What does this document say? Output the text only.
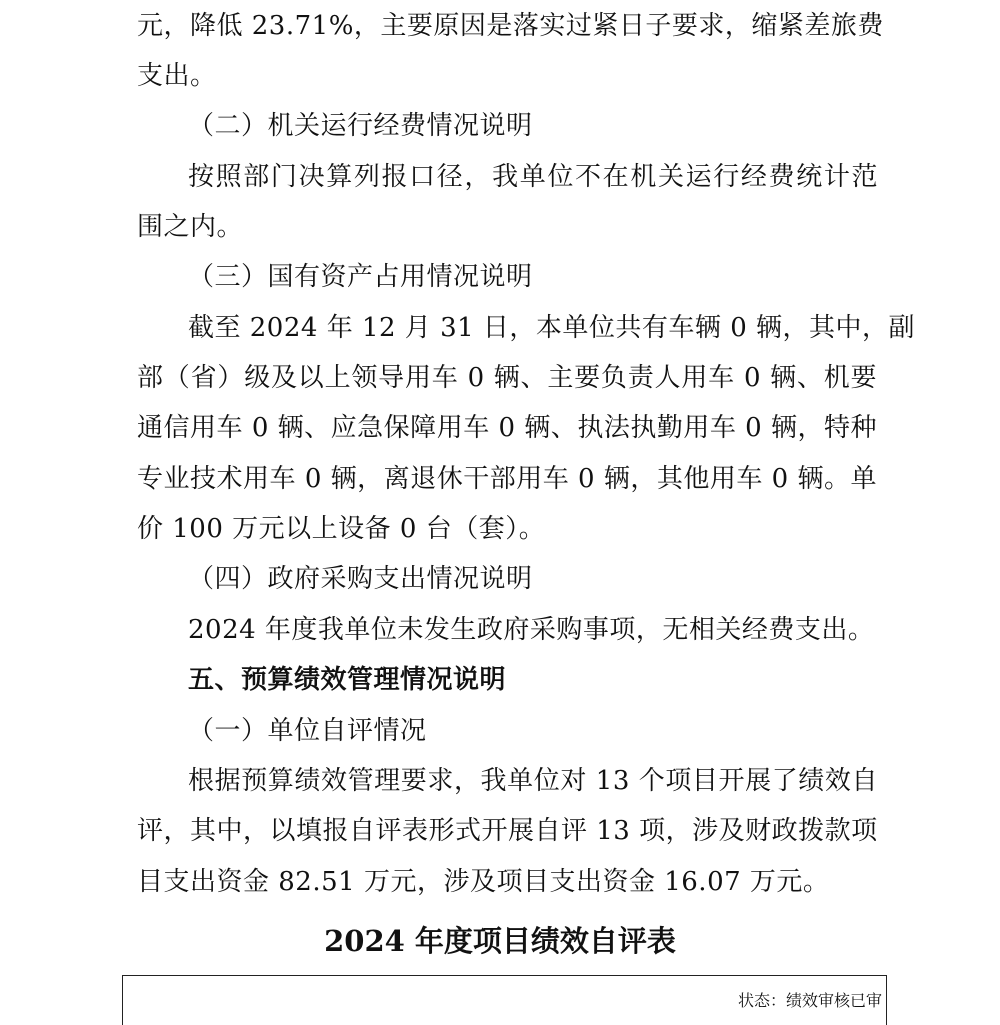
元，降低 23.71%，主要原因是落实过紧日子要求，缩紧差旅费
支出。
（二）机关运行经费情况说明
按照部门决算列报口径，我单位不在机关运行经费统计范
围之内。
（三）国有资产占用情况说明
截至 2024 年 12 月 31 日，本单位共有车辆 0 辆，其中，副
部（省）级及以上领导用车 0 辆、主要负责人用车 0 辆、机要
通信用车 0 辆、应急保障用车 0 辆、执法执勤用车 0 辆，特种
专业技术用车 0 辆，离退休干部用车 0 辆，其他用车 0 辆。单
价 100 万元以上设备 0 台（套）。
（四）政府采购支出情况说明
2024 年度我单位未发生政府采购事项，无相关经费支出。
五、预算绩效管理情况说明
（一）单位自评情况
根据预算绩效管理要求，我单位对 13 个项目开展了绩效自
评，其中，以填报自评表形式开展自评 13 项，涉及财政拨款项
目支出资金 82.51 万元，涉及项目支出资金 16.07 万元。
2024 年度项目绩效自评表
状态：绩效审核已审
